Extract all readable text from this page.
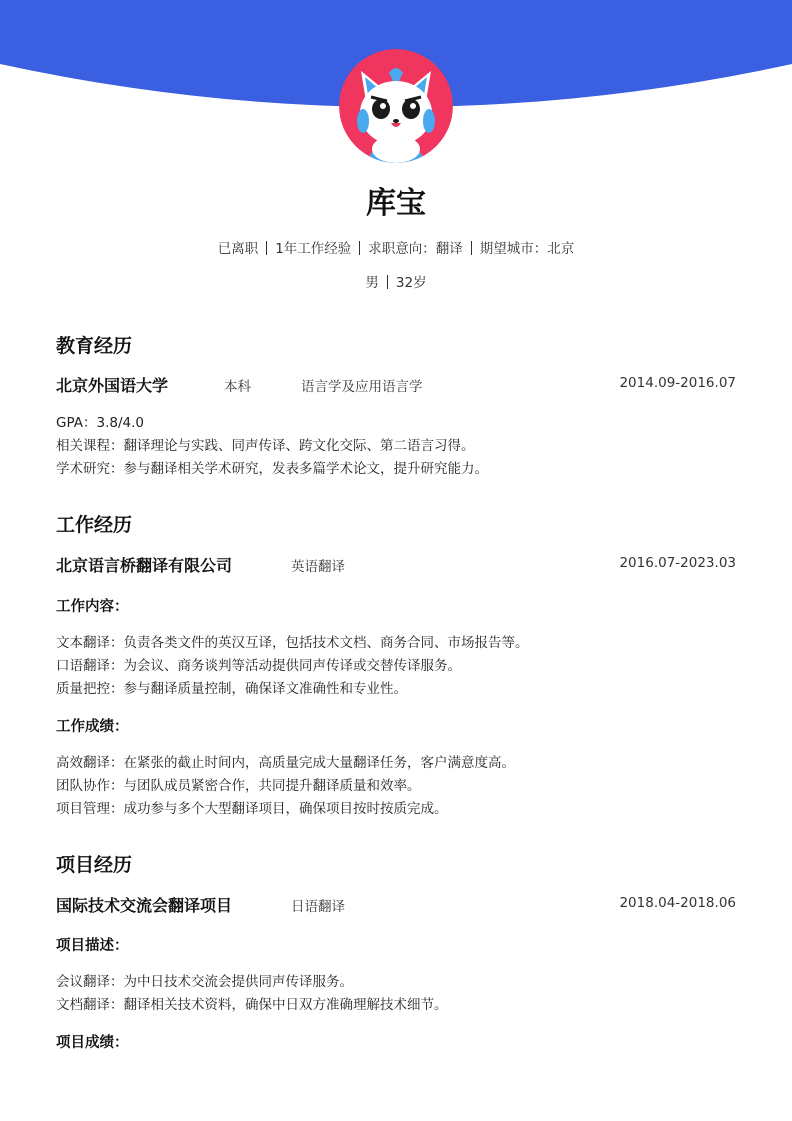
库宝
已离职 1年工作经验 求职意向：翻译 期望城市：北京
男 32岁
教育经历
北京外国语大学	本科	语言学及应用语言学	2014.09-2016.07
GPA：3.8/4.0
相关课程：翻译理论与实践、同声传译、跨文化交际、第二语言习得。
学术研究：参与翻译相关学术研究，发表多篇学术论文，提升研究能力。
工作经历
北京语言桥翻译有限公司	英语翻译	2016.07-2023.03
工作内容：
文本翻译：负责各类文件的英汉互译，包括技术文档、商务合同、市场报告等。
口语翻译：为会议、商务谈判等活动提供同声传译或交替传译服务。
质量把控：参与翻译质量控制，确保译文准确性和专业性。
工作成绩：
高效翻译：在紧张的截止时间内，高质量完成大量翻译任务，客户满意度高。
团队协作：与团队成员紧密合作，共同提升翻译质量和效率。
项目管理：成功参与多个大型翻译项目，确保项目按时按质完成。
项目经历
国际技术交流会翻译项目	日语翻译	2018.04-2018.06
项目描述：
会议翻译：为中日技术交流会提供同声传译服务。
文档翻译：翻译相关技术资料，确保中日双方准确理解技术细节。
项目成绩：
